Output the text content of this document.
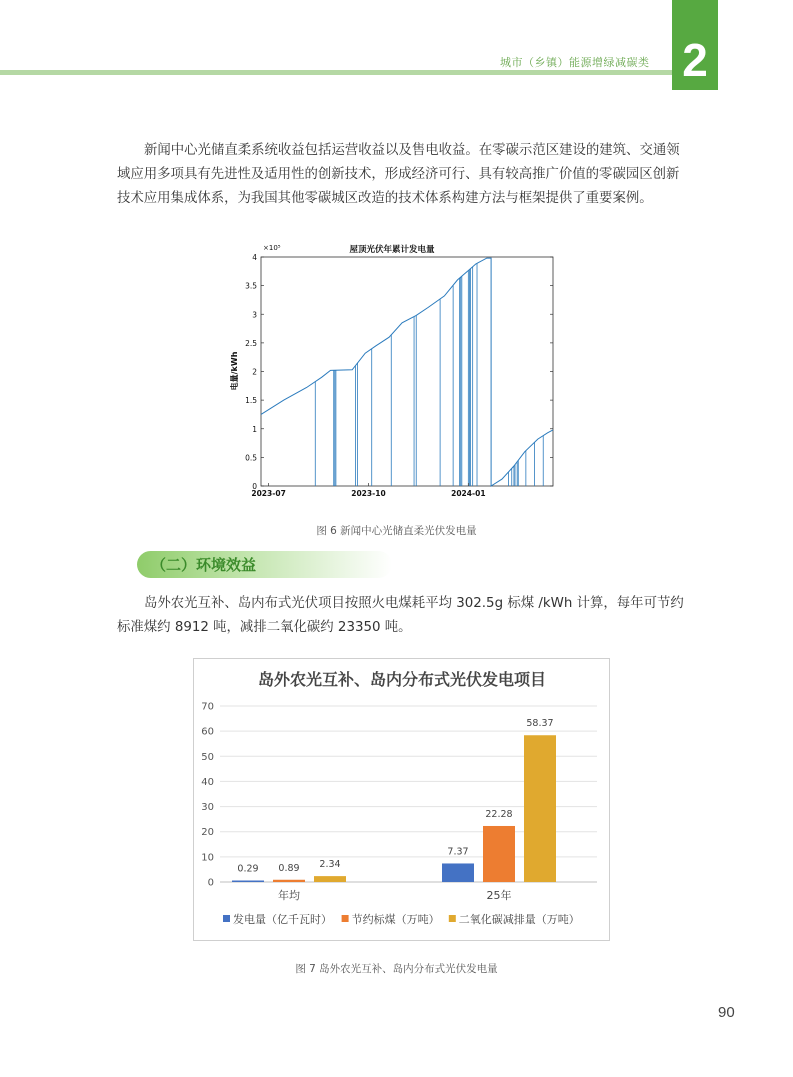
城市（乡镇）能源增绿减碳类 2

新闻中心光储直柔系统收益包括运营收益以及售电收益。在零碳示范区建设的建筑、交通领域应用多项具有先进性及适用性的创新技术，形成经济可行、具有较高推广价值的零碳园区创新技术应用集成体系，为我国其他零碳城区改造的技术体系构建方法与框架提供了重要案例。

0
0.5
1
1.5
2
2.5
3
3.5
4
2023-07	2023-10	2024-01
屋顶光伏年累计发电量
×10⁵
电量/kWh
图 6 新闻中心光储直柔光伏发电量
（二）环境效益

岛外农光互补、岛内布式光伏项目按照火电煤耗平均 302.5g 标煤 /kWh 计算，每年可节约标准煤约 8912 吨，减排二氧化碳约 23350 吨。

岛外农光互补、岛内分布式光伏发电项目
0
10
20
30
40
50
60
70
0.29 0.89 2.34
7.37
22.28
58.37
年均	25年
发电量（亿千瓦时） 节约标煤（万吨） 二氧化碳减排量（万吨）
图 7 岛外农光互补、岛内分布式光伏发电量
90
